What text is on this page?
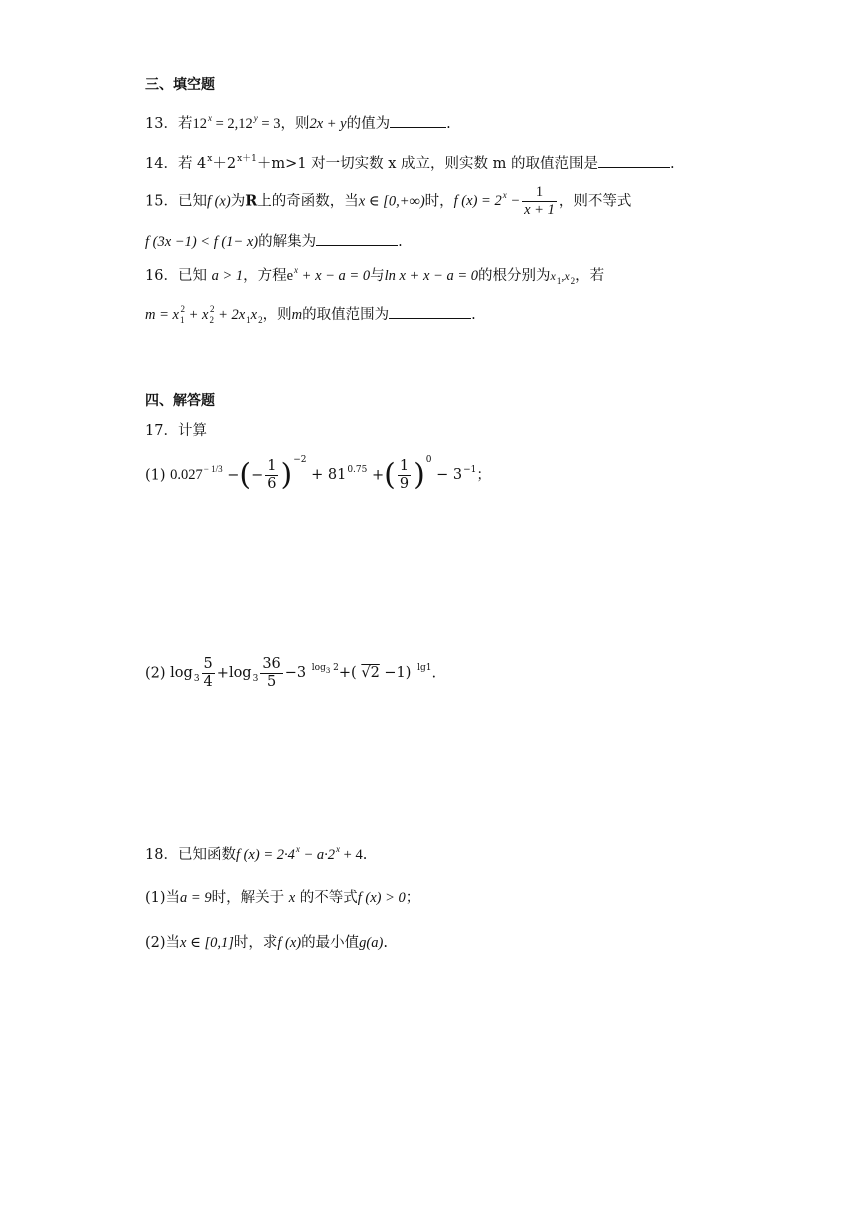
三、填空题
13．若$12^x = 2,12^y = 3$，则2x + y的值为	.
14．若 $4^x+2^{x+1}+m>1$ 对一切实数 x 成立，则实数 m 的取值范围是	.
15．已知f (x)为R上的奇函数，当x ∈ [0,+∞)时，f $(x) = 2^x - \frac{1}{x + 1}$ ，则不等式
f (3x −1) < f (1− x)的解集为	.
16．已知 a > 1，方程$e^x + x - a = 0$与ln x + x − a = 0的根分别为$x_1,x_2$，若
$m = x_1^2 + x_2^2 + 2x_1x_2$，则m的取值范围为	.
四、解答题
17．计算
(1) $0.027^{- 1/3}$ −(− $\frac{1}{6} )^{-2} + 81^{0.75}$ +( $\frac{1}{9} )^0 - 3^{-1}$；
(2) $\log_3 \frac{5}{4} +\log_3 \frac{36}{5} -3$ $^{log_3 2}$+( √2 −1) $^{lg1}$.
18．已知函数f $(x) = 2\cdot 4^x - a\cdot 2^x + 4$.
(1)当a = 9时，解关于 x 的不等式f (x) > 0；
(2)当x ∈ [0,1]时，求f (x)的最小值g(a).
